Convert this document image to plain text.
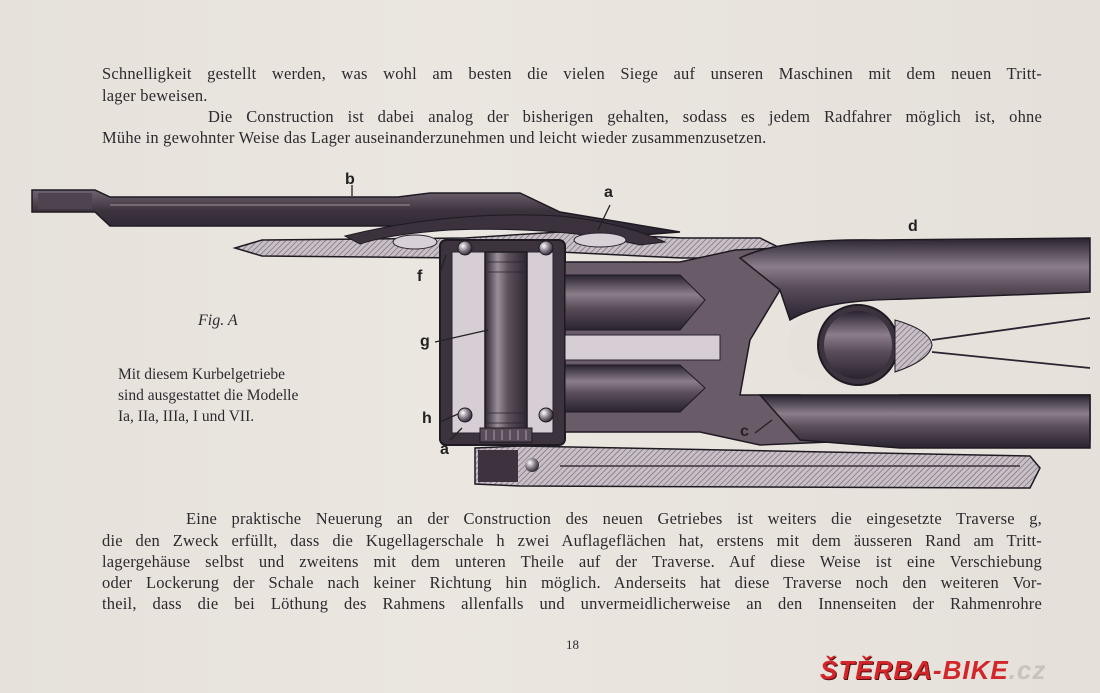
Schnelligkeit gestellt werden, was wohl am besten die vielen Siege auf unseren Maschinen mit dem neuen Tritt-
lager beweisen.
Die Construction ist dabei analog der bisherigen gehalten, sodass es jedem Radfahrer möglich ist, ohne
Mühe in gewohnter Weise das Lager auseinanderzunehmen und leicht wieder zusammenzusetzen.
b
a
d
f
g
h
a
c
Fig. A
Mit diesem Kurbelgetriebe
sind ausgestattet die Modelle
Ia, IIa, IIIa, I und VII.
Eine praktische Neuerung an der Construction des neuen Getriebes ist weiters die eingesetzte Traverse g,
die den Zweck erfüllt, dass die Kugellagerschale h zwei Auflageflächen hat, erstens mit dem äusseren Rand am Tritt-
lagergehäuse selbst und zweitens mit dem unteren Theile auf der Traverse. Auf diese Weise ist eine Verschiebung
oder Lockerung der Schale nach keiner Richtung hin möglich. Anderseits hat diese Traverse noch den weiteren Vor-
theil, dass die bei Löthung des Rahmens allenfalls und unvermeidlicherweise an den Innenseiten der Rahmenrohre
18
ŠTĚRBA-BIKE.cz
